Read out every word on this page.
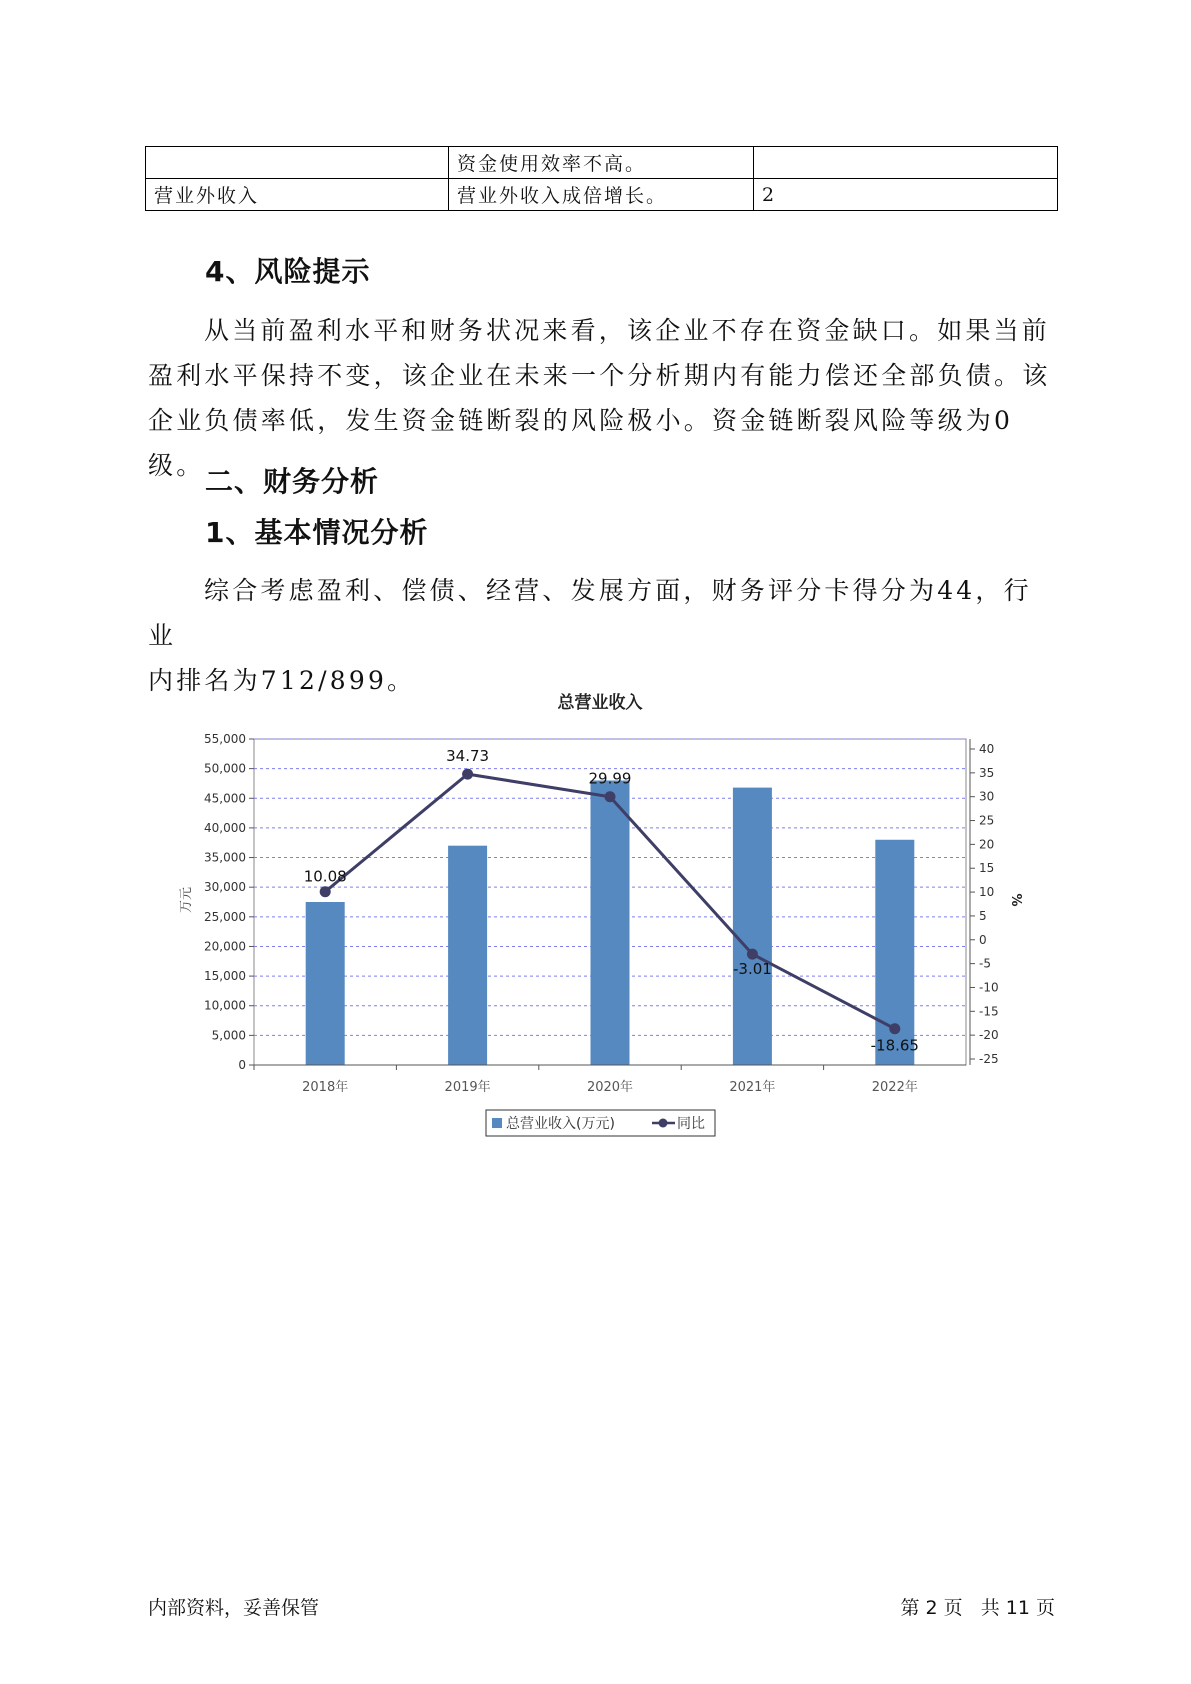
	资金使用效率不高。	
营业外收入	营业外收入成倍增长。	2
4、风险提示

从当前盈利水平和财务状况来看，该企业不存在资金缺口。如果当前

盈利水平保持不变，该企业在未来一个分析期内有能力偿还全部负债。该

企业负债率低，发生资金链断裂的风险极小。资金链断裂风险等级为0级。 二、财务分析
1、基本情况分析

综合考虑盈利、偿债、经营、发展方面，财务评分卡得分为44，行业

内排名为712/899。

总营业收入
0
5,000
10,000
15,000
20,000
25,000
30,000
35,000
40,000
45,000
50,000
55,000
-25
-20
-15
-10
-5
0
5
10
15
20
25
30
35
40
2018年	2019年	2020年	2021年	2022年
10.08
34.73
29.99
-3.01
-18.65
万元	%
总营业收入(万元)	同比
内部资料，妥善保管	第 2 页   共 11 页
